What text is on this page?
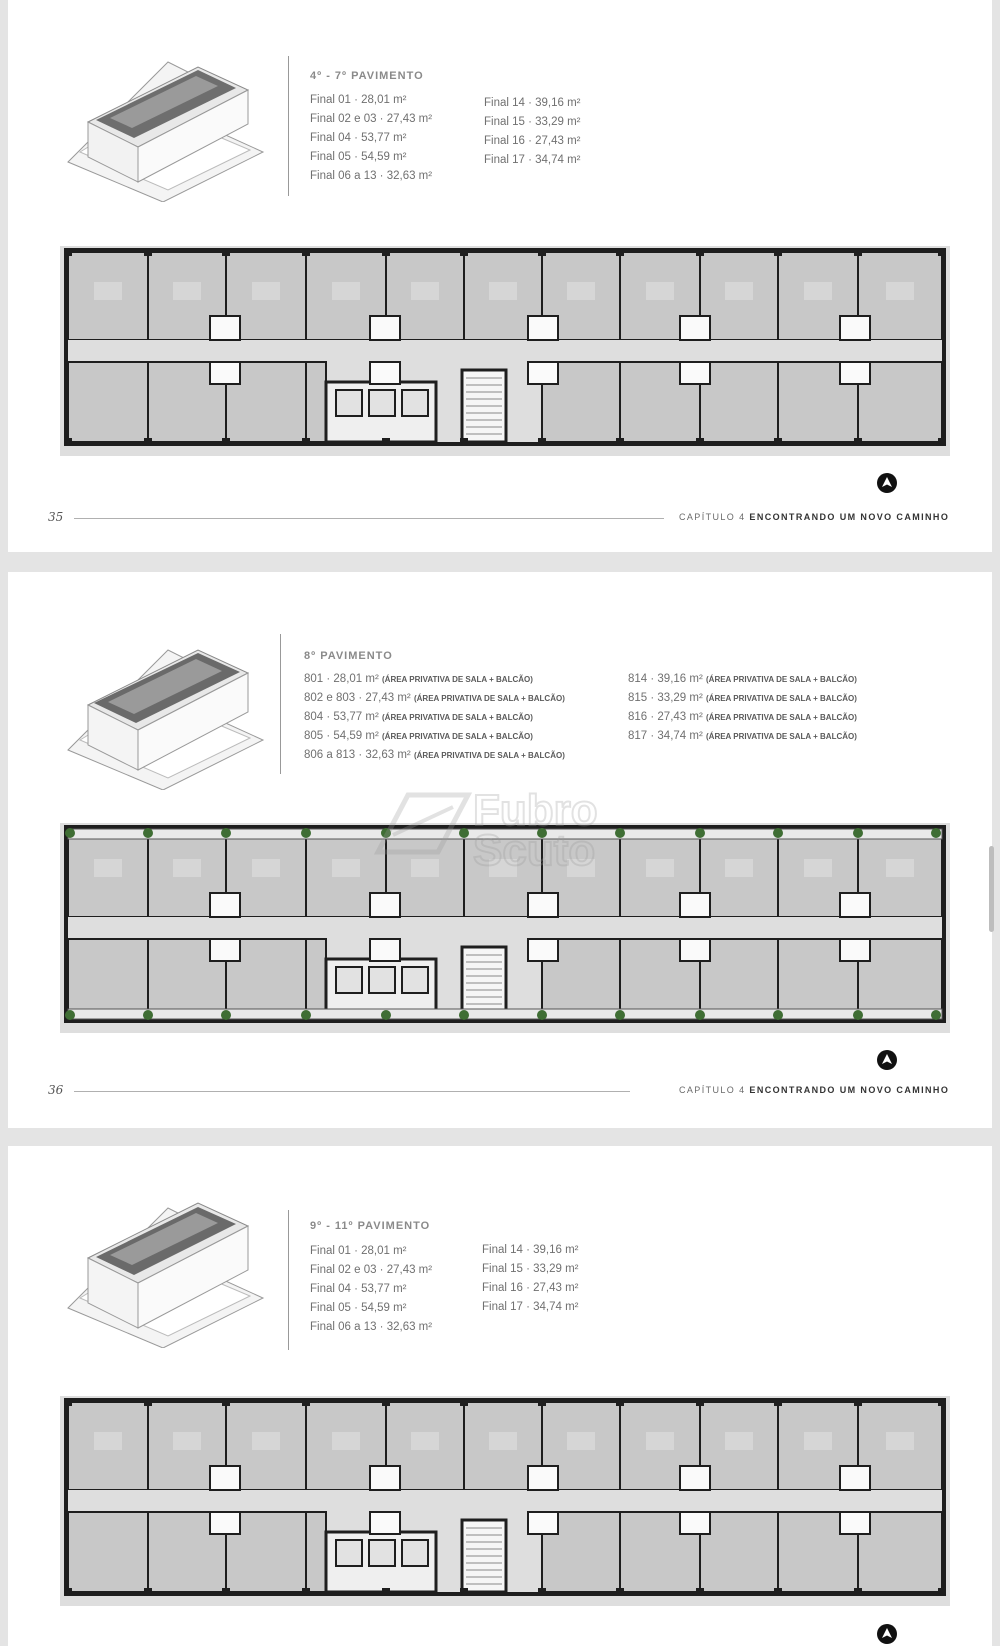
4º - 7º PAVIMENTO
Final 01 · 28,01 m²
Final 02 e 03 · 27,43 m²
Final 04 · 53,77 m²
Final 05 · 54,59 m²
Final 06 a 13 · 32,63 m²
Final 14 · 39,16 m²
Final 15 · 33,29 m²
Final 16 · 27,43 m²
Final 17 · 34,74 m²
35	CAPÍTULO 4 ENCONTRANDO UM NOVO CAMINHO
8º PAVIMENTO
801 · 28,01 m² (ÁREA PRIVATIVA DE SALA + BALCÃO)
802 e 803 · 27,43 m² (ÁREA PRIVATIVA DE SALA + BALCÃO)
804 · 53,77 m² (ÁREA PRIVATIVA DE SALA + BALCÃO)
805 · 54,59 m² (ÁREA PRIVATIVA DE SALA + BALCÃO)
806 a 813 · 32,63 m² (ÁREA PRIVATIVA DE SALA + BALCÃO)
814 · 39,16 m² (ÁREA PRIVATIVA DE SALA + BALCÃO)
815 · 33,29 m² (ÁREA PRIVATIVA DE SALA + BALCÃO)
816 · 27,43 m² (ÁREA PRIVATIVA DE SALA + BALCÃO)
817 · 34,74 m² (ÁREA PRIVATIVA DE SALA + BALCÃO)
Fubro
Scuto
36	CAPÍTULO 4 ENCONTRANDO UM NOVO CAMINHO
9º - 11º PAVIMENTO
Final 01 · 28,01 m²
Final 02 e 03 · 27,43 m²
Final 04 · 53,77 m²
Final 05 · 54,59 m²
Final 06 a 13 · 32,63 m²
Final 14 · 39,16 m²
Final 15 · 33,29 m²
Final 16 · 27,43 m²
Final 17 · 34,74 m²
